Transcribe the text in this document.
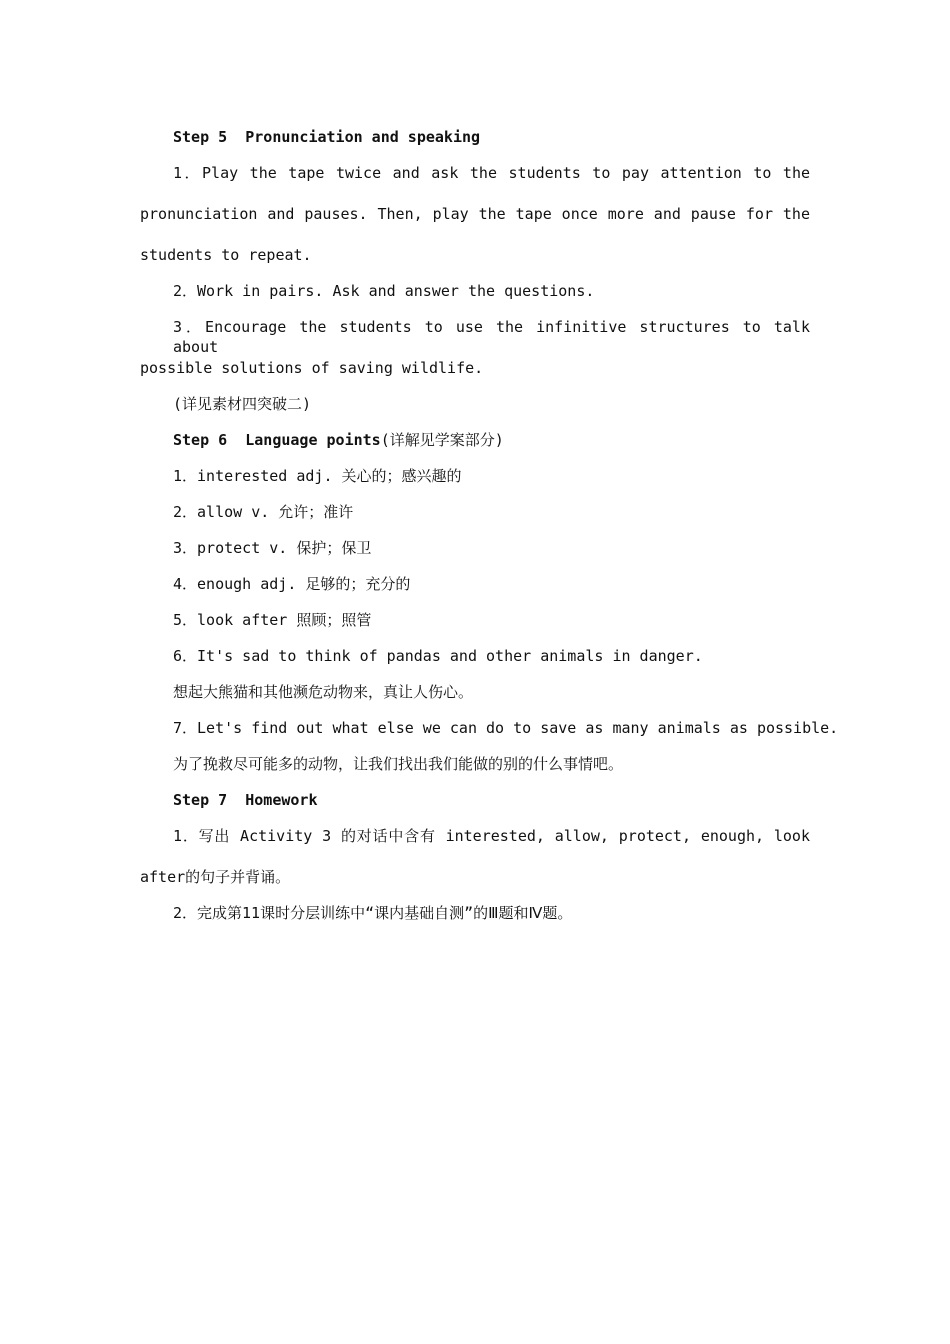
Step 5  Pronunciation and speaking
1．Play the tape twice and ask the students to pay attention to the
pronunciation and pauses. Then, play the tape once more and pause for the
students to repeat.
2．Work in pairs. Ask and answer the questions.
3．Encourage the students to use the infinitive structures to talk about
possible solutions of saving wildlife.
(详见素材四突破二)
Step 6  Language points(详解见学案部分)
1．interested adj. 关心的；感兴趣的
2．allow v. 允许；准许
3．protect v. 保护；保卫
4．enough adj. 足够的；充分的
5．look after 照顾；照管
6．It's sad to think of pandas and other animals in danger.
想起大熊猫和其他濒危动物来，真让人伤心。
7．Let's find out what else we can do to save as many animals as possible.
为了挽救尽可能多的动物，让我们找出我们能做的别的什么事情吧。
Step 7  Homework
1．写出 Activity 3 的对话中含有 interested, allow, protect, enough, look
after的句子并背诵。
2．完成第11课时分层训练中“课内基础自测”的Ⅲ题和Ⅳ题。
